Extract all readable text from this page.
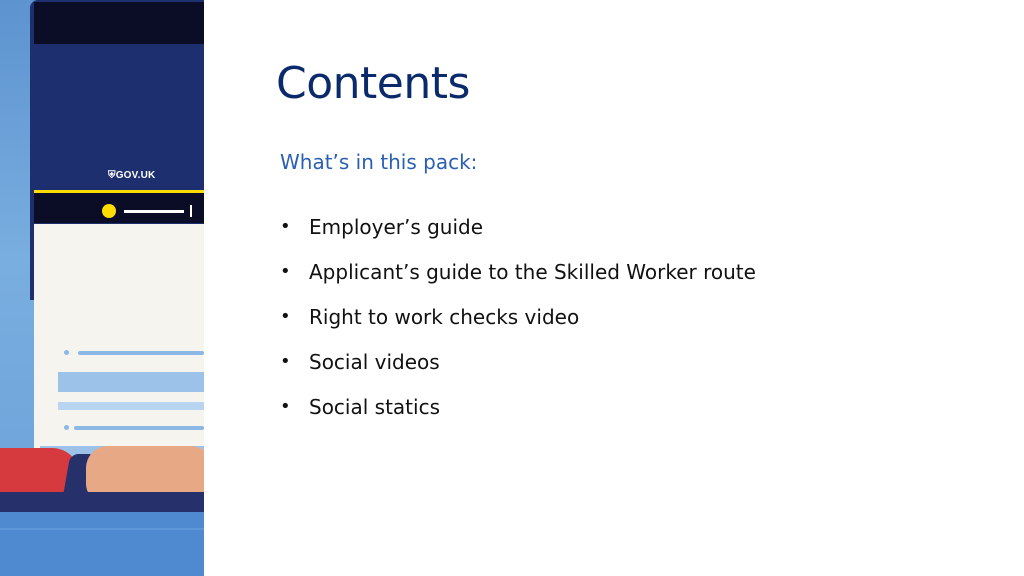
⛨GOV.UK
Contents

What’s in this pack:

• Employer’s guide
• Applicant’s guide to the Skilled Worker route
• Right to work checks video
• Social videos
• Social statics
